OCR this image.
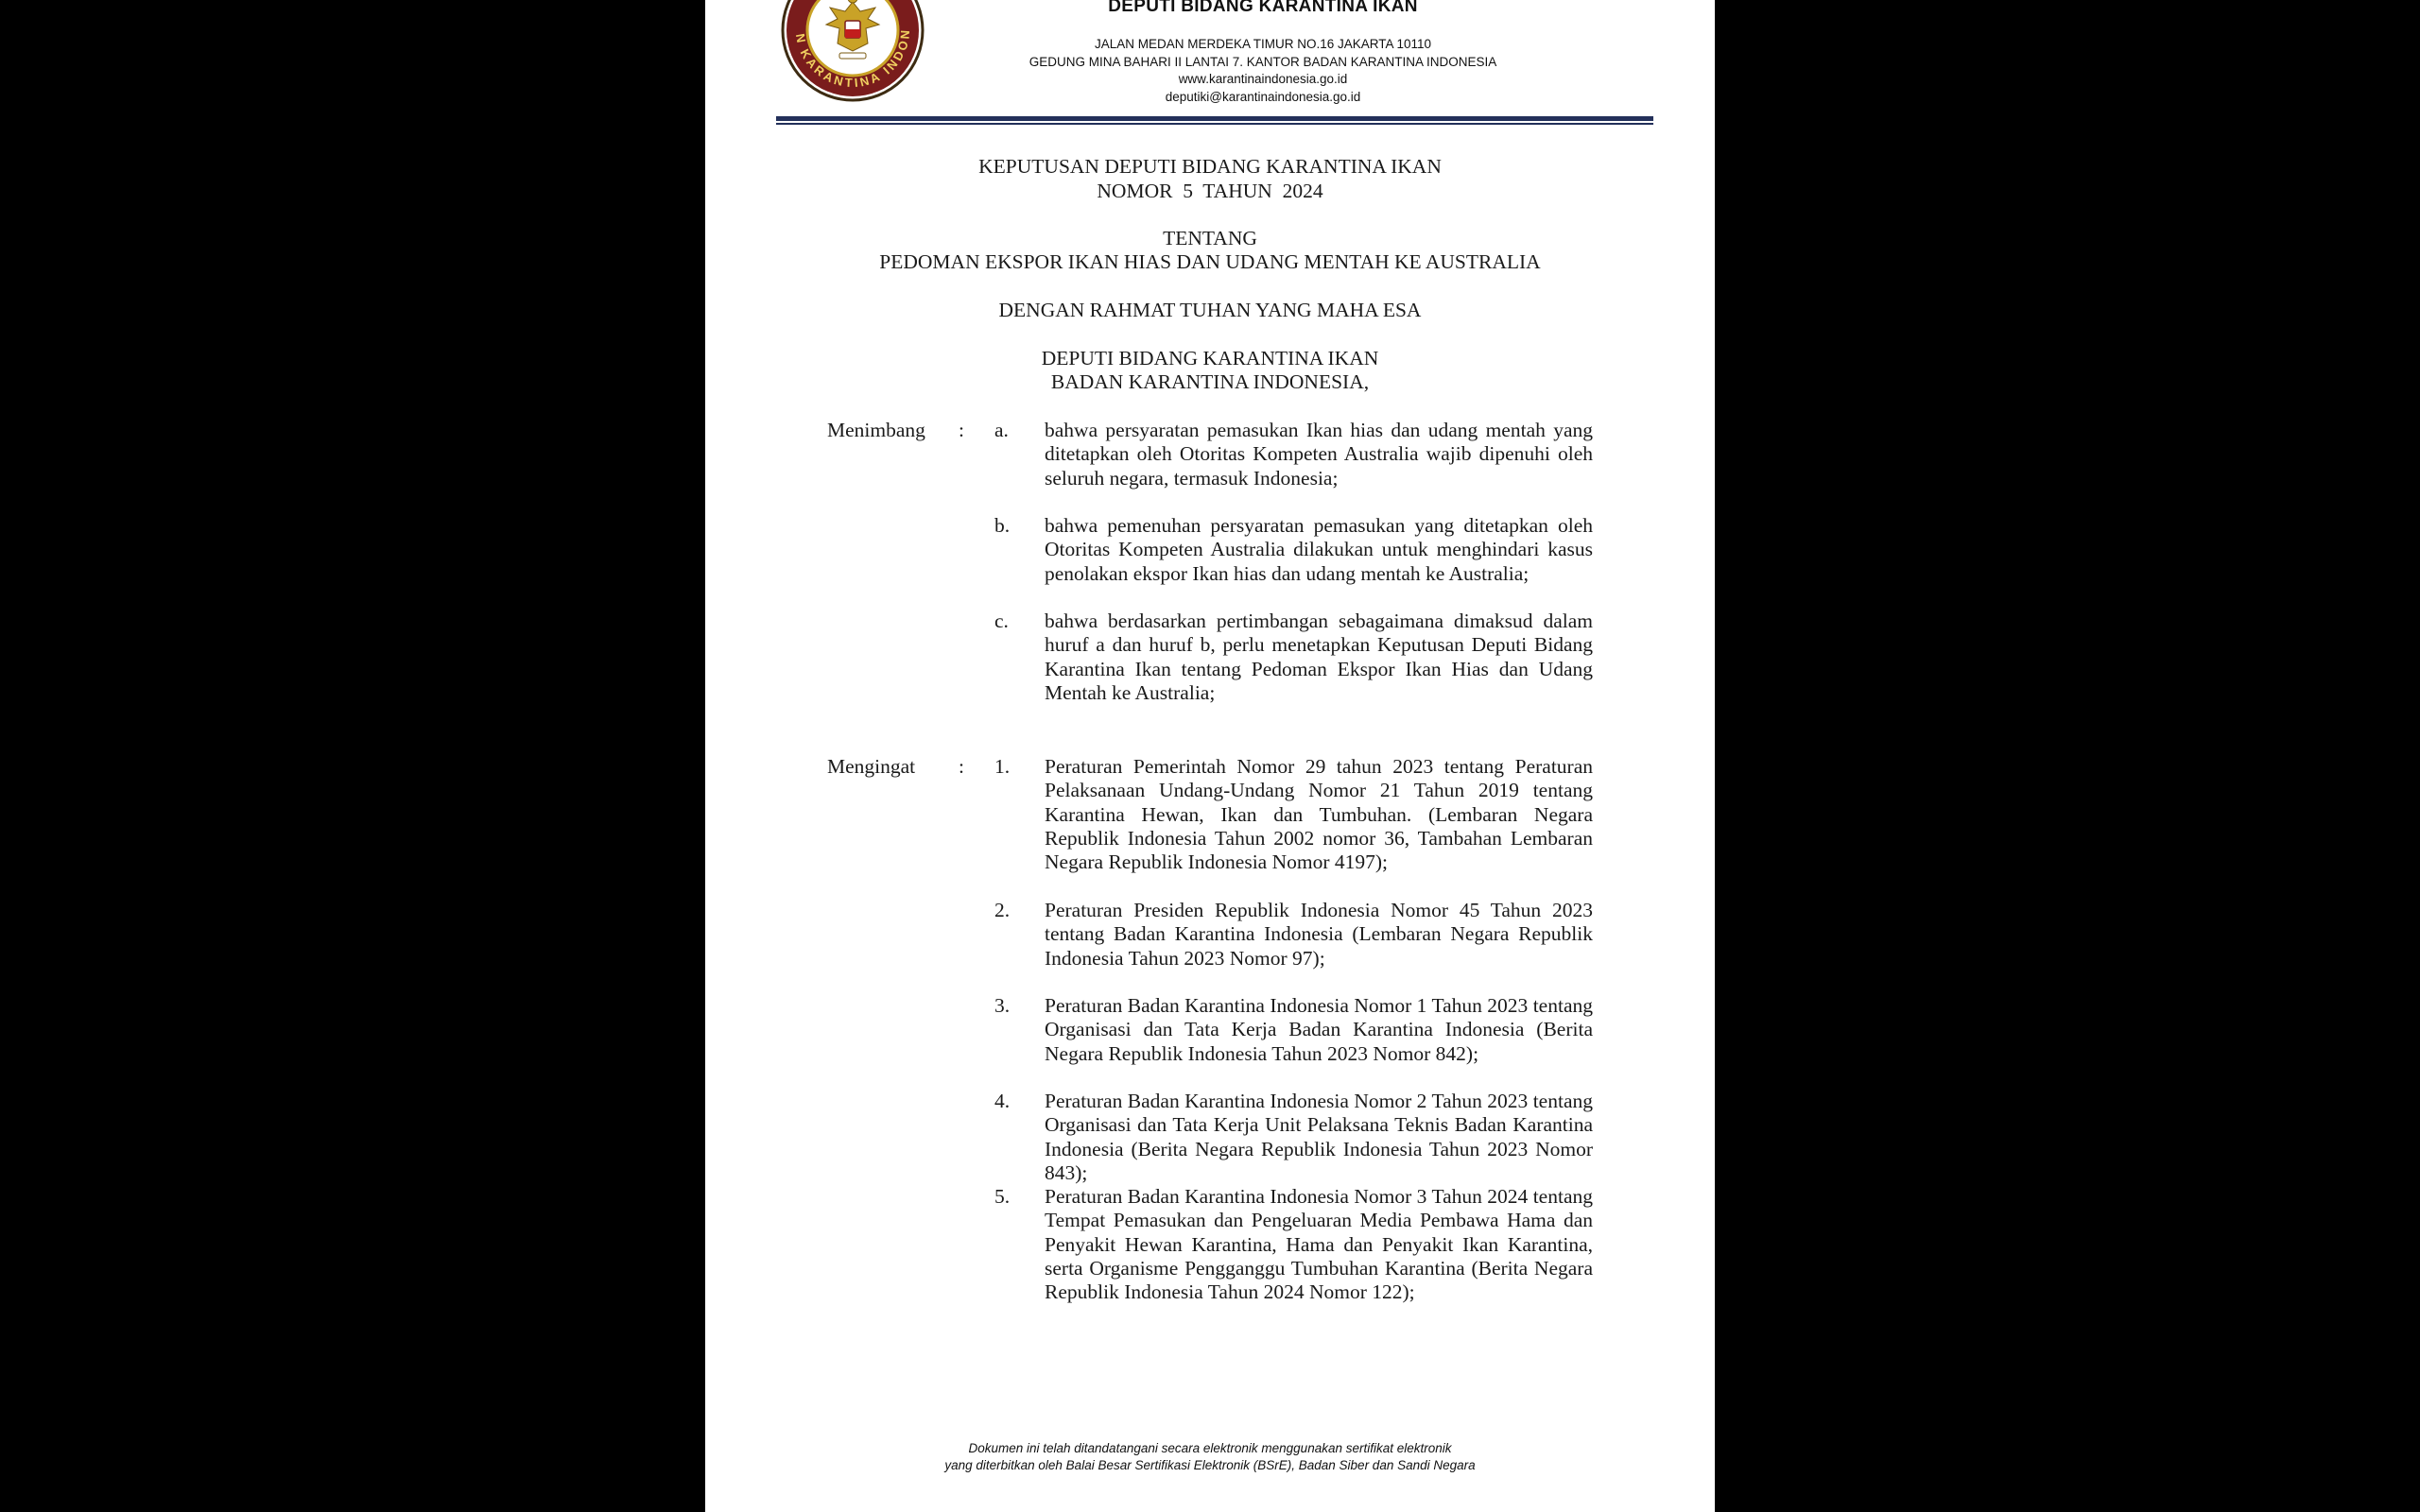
N KARANTINA INDON
DEPUTI BIDANG KARANTINA IKAN
JALAN MEDAN MERDEKA TIMUR NO.16 JAKARTA 10110
GEDUNG MINA BAHARI II LANTAI 7. KANTOR BADAN KARANTINA INDONESIA
www.karantinaindonesia.go.id
deputiki@karantinaindonesia.go.id
KEPUTUSAN DEPUTI BIDANG KARANTINA IKAN
NOMOR  5  TAHUN  2024
TENTANG
PEDOMAN EKSPOR IKAN HIAS DAN UDANG MENTAH KE AUSTRALIA
DENGAN RAHMAT TUHAN YANG MAHA ESA
DEPUTI BIDANG KARANTINA IKAN
BADAN KARANTINA INDONESIA,
Menimbang : a. bahwa persyaratan pemasukan Ikan hias dan udang mentah yang ditetapkan oleh Otoritas Kompeten Australia wajib dipenuhi oleh seluruh negara, termasuk Indonesia;
b. bahwa pemenuhan persyaratan pemasukan yang ditetapkan oleh Otoritas Kompeten Australia dilakukan untuk menghindari kasus penolakan ekspor Ikan hias dan udang mentah ke Australia;
c. bahwa berdasarkan pertimbangan sebagaimana dimaksud dalam huruf a dan huruf b, perlu menetapkan Keputusan Deputi Bidang Karantina Ikan tentang Pedoman Ekspor Ikan Hias dan Udang Mentah ke Australia;
Mengingat : 1. Peraturan Pemerintah Nomor 29 tahun 2023 tentang Peraturan Pelaksanaan Undang-Undang Nomor 21 Tahun 2019 tentang Karantina Hewan, Ikan dan Tumbuhan. (Lembaran Negara Republik Indonesia Tahun 2002 nomor 36, Tambahan Lembaran Negara Republik Indonesia Nomor 4197);
2. Peraturan Presiden Republik Indonesia Nomor 45 Tahun 2023 tentang Badan Karantina Indonesia (Lembaran Negara Republik Indonesia Tahun 2023 Nomor 97);
3. Peraturan Badan Karantina Indonesia Nomor 1 Tahun 2023 tentang Organisasi dan Tata Kerja Badan Karantina Indonesia (Berita Negara Republik Indonesia Tahun 2023 Nomor 842);
4. Peraturan Badan Karantina Indonesia Nomor 2 Tahun 2023 tentang Organisasi dan Tata Kerja Unit Pelaksana Teknis Badan Karantina Indonesia (Berita Negara Republik Indonesia Tahun 2023 Nomor 843);
5. Peraturan Badan Karantina Indonesia Nomor 3 Tahun 2024 tentang Tempat Pemasukan dan Pengeluaran Media Pembawa Hama dan Penyakit Hewan Karantina, Hama dan Penyakit Ikan Karantina, serta Organisme Pengganggu Tumbuhan Karantina (Berita Negara Republik Indonesia Tahun 2024 Nomor 122);
Dokumen ini telah ditandatangani secara elektronik menggunakan sertifikat elektronik
yang diterbitkan oleh Balai Besar Sertifikasi Elektronik (BSrE), Badan Siber dan Sandi Negara
